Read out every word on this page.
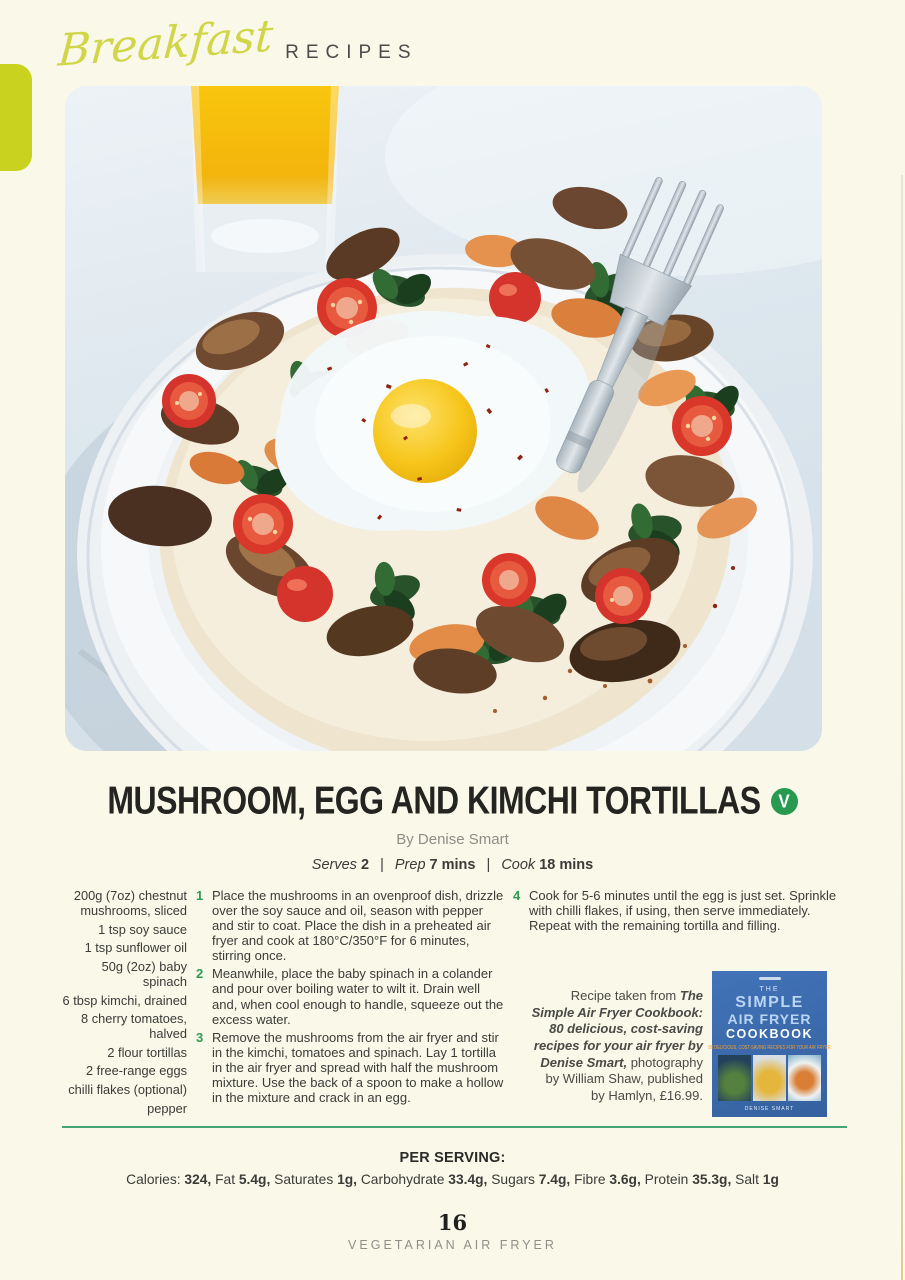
Breakfast RECIPES
MUSHROOM, EGG AND KIMCHI TORTILLAS V
By Denise Smart
Serves 2 | Prep 7 mins | Cook 18 mins
200g (7oz) chestnut mushrooms, sliced
1 tsp soy sauce
1 tsp sunflower oil
50g (2oz) baby spinach
6 tbsp kimchi, drained
8 cherry tomatoes, halved
2 flour tortillas
2 free-range eggs
chilli flakes (optional)
pepper
1 Place the mushrooms in an ovenproof dish, drizzle over the soy sauce and oil, season with pepper and stir to coat. Place the dish in a preheated air fryer and cook at 180°C/350°F for 6 minutes, stirring once.
2 Meanwhile, place the baby spinach in a colander and pour over boiling water to wilt it. Drain well and, when cool enough to handle, squeeze out the excess water.
3 Remove the mushrooms from the air fryer and stir in the kimchi, tomatoes and spinach. Lay 1 tortilla in the air fryer and spread with half the mushroom mixture. Use the back of a spoon to make a hollow in the mixture and crack in an egg.
4 Cook for 5-6 minutes until the egg is just set. Sprinkle with chilli flakes, if using, then serve immediately. Repeat with the remaining tortilla and filling.

Recipe taken from The Simple Air Fryer Cookbook: 80 delicious, cost-saving recipes for your air fryer by Denise Smart, photography by William Shaw, published by Hamlyn, £16.99.

THE
SIMPLE
AIR FRYER
COOKBOOK
80 DELICIOUS, COST-SAVING RECIPES FOR YOUR AIR FRYER
DENISE SMART
PER SERVING:
Calories: 324, Fat 5.4g, Saturates 1g, Carbohydrate 33.4g, Sugars 7.4g, Fibre 3.6g, Protein 35.3g, Salt 1g
16
VEGETARIAN AIR FRYER
